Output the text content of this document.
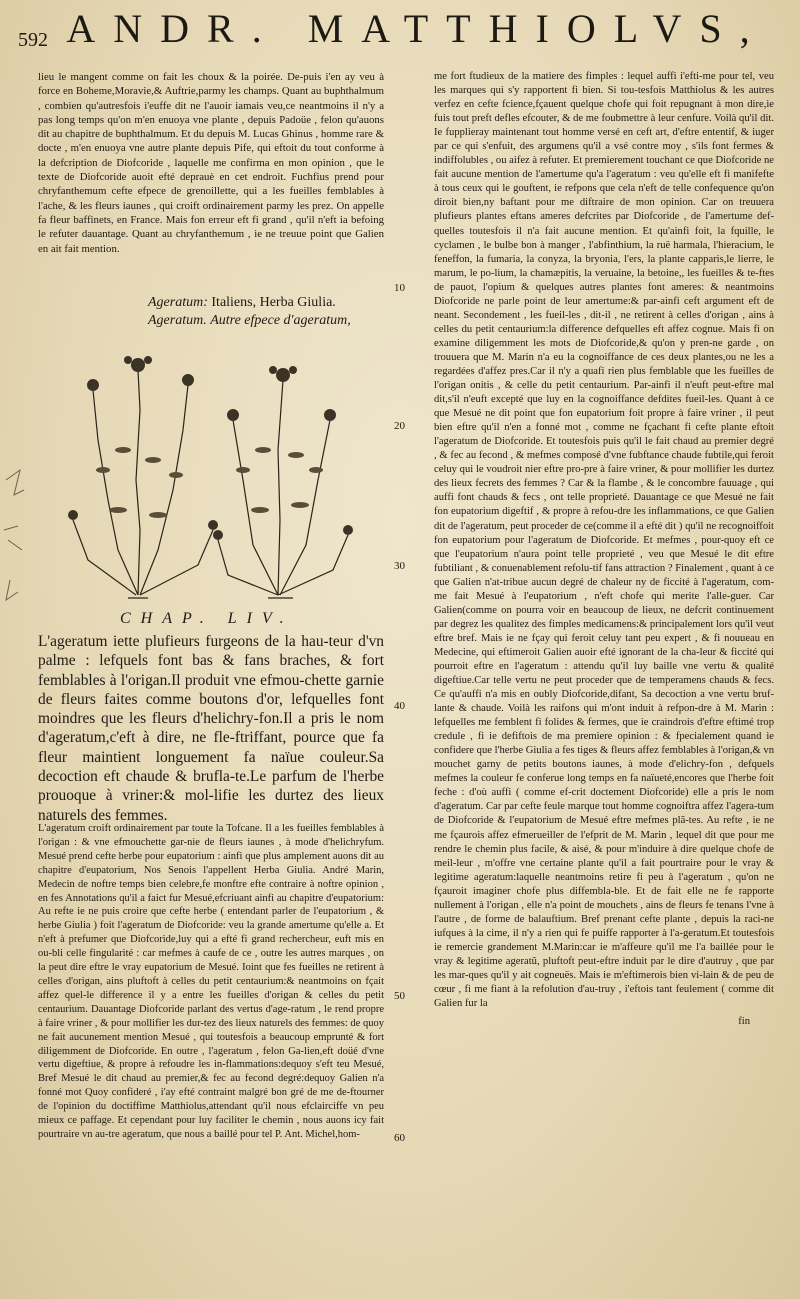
592 ANDR. MATTHIOLVS,

lieu le mangent comme on fait les choux & la poirée. De-puis i'en ay veu à force en Boheme,Moravie,& Auftrie,parmy les champs. Quant au buphthalmum , combien qu'autresfois i'euffe dit ne l'auoir iamais veu,ce neantmoins il n'y a pas long temps qu'on m'en enuoya vne plante , depuis Padoüe , felon qu'auons dit au chapitre de buphthalmum. Et du depuis M. Lucas Ghinus , homme rare & docte , m'en enuoya vne autre plante depuis Pife, qui eftoit du tout conforme à la defcription de Diofcoride , laquelle me confirma en mon opinion , que le texte de Diofcoride auoit efté deprauè en cet endroit. Fuchfius prend pour chryfanthemum cefte efpece de grenoillette, qui a les fueilles femblables à l'ache, & les fleurs iaunes , qui croift ordinairement parmy les prez. On appelle fa fleur baffinets, en France. Mais fon erreur eft fi grand , qu'il n'eft ia befoing le refuter dauantage. Quant au chryfanthemum , ie ne treuue point que Galien en ait fait mention.

Ageratum: Italiens, Herba Giulia.
Ageratum. Autre efpece d'ageratum,
CHAP. LIV.
L'ageratum iette plufieurs furgeons de la hau-teur d'vn palme : lefquels font bas & fans braches, & fort femblables à l'origan.Il produit vne efmou-chette garnie de fleurs faites comme boutons d'or, lefquelles font moindres que les fleurs d'helichry-fon.Il a pris le nom d'ageratum,c'eft à dire, ne fle-ftriffant, pource que fa fleur maintient longuement fa naïue couleur.Sa decoction eft chaude & brufla-te.Le parfum de l'herbe prouoque à vriner:& mol-lifie les durtez des lieux naturels des femmes.

L'ageratum croift ordinairement par toute la Tofcane. Il a les fueilles femblables à l'origan : & vne efmouchette gar-nie de fleurs iaunes , à mode d'helichryfum. Mesué prend cefte herbe pour eupatorium : ainfi que plus amplement auons dit au chapitre d'eupatorium, Nos Senois l'appellent Herba Giulia. André Marin, Medecin de noftre temps bien celebre,fe monftre efte contraire à noftre opinion , en fes Annotations qu'il a faict fur Mesué,efcriuant ainfi au chapitre d'eupatorium: Au refte ie ne puis croire que cefte herbe ( entendant parler de l'eupatorium , & herbe Giulia ) foit l'ageratum de Diofcoride: veu la grande amertume qu'elle a. Et n'eft à prefumer que Diofcoride,luy qui a efté fi grand rechercheur, euft mis en ou-bli celle fingularité : car mefmes à caufe de ce , outre les autres marques , on la peut dire eftre le vray eupatorium de Mesué. Ioint que fes fueilles ne retirent à celles d'origan, ains pluftoft à celles du petit centaurium:& neantmoins on fçait affez quel-le difference il y a entre les fueilles d'origan & celles du petit centaurium. Dauantage Diofcoride parlant des vertus d'age-ratum , le rend propre à faire vriner , & pour mollifier les dur-tez des lieux naturels des femmes: de quoy ne fait aucunement mention Mesué , qui toutesfois a beaucoup emprunté & fort diligemment de Diofcoride. En outre , l'ageratum , felon Ga-lien,eft doüé d'vne vertu digeftiue, & propre à refoudre les in-flammations:dequoy s'eft teu Mesué, Bref Mesué le dit chaud au premier,& fec au fecond degré:dequoy Galien n'a fonné mot Quoy confideré , i'ay efté contraint malgré bon gré de me de-ftourner de l'opinion du doctiffime Matthiolus,attendant qu'il nous efclairciffe vn peu mieux ce paffage. Et cependant pour luy faciliter le chemin , nous auons icy fait pourtraire vn au-tre ageratum, que nous a baillé pour tel P. Ant. Michel,hom-

me fort ftudieux de la matiere des fimples : lequel auffi i'efti-me pour tel, veu les marques qui s'y rapportent fi bien. Si tou-tesfois Matthiolus & les autres verfez en cefte fcience,fçauent quelque chofe qui foit repugnant à mon dire,ie fuis tout preft defles efcouter, & de me foubmettre à leur cenfure. Voilà qu'il dit. Ie fupplieray maintenant tout homme versé en ceft art, d'eftre ententif, & iuger par ce qui s'enfuit, des argumens qu'il a vsé contre moy , s'ils font fermes & indiffolubles , ou aifez à refuter. Et premierement touchant ce que Diofcoride ne fait aucune mention de l'amertume qu'a l'ageratum : veu qu'elle eft fi manifefte à tous ceux qui le gouftent, ie refpons que cela n'eft de telle confequence qu'on diroit bien,ny baftant pour me diftraire de mon opinion. Car on treuuera plufieurs plantes eftans ameres defcrites par Diofcoride , de l'amertume def-quelles toutesfois il n'a fait aucune mention. Et qu'ainfi foit, la fquille, le cyclamen , le bulbe bon à manger , l'abfinthium, la ruë harmala, l'hieracium, le feneffon, la fumaria, la conyza, la bryonia, l'ers, la plante capparis,le lierre, le marum, le po-lium, la chamæpitis, la veruaine, la betoine,, les fueilles & te-ftes de pauot, l'opium & quelques autres plantes font ameres: & neantmoins Diofcoride ne parle point de leur amertume:& par-ainfi ceft argument eft de neant. Secondement , les fueil-les , dit-il , ne retirent à celles d'origan , ains à celles du petit centaurium:la difference defquelles eft affez cognue. Mais fi on examine diligemment les mots de Diofcoride,& qu'on y pren-ne garde , on trouuera que M. Marin n'a eu la cognoiffance de ces deux plantes,ou ne les a regardées d'affez pres.Car il n'y a quafi rien plus femblable que les fueilles de l'origan onitis , & celle du petit centaurium. Par-ainfi il n'euft peut-eftre mal dit,s'il n'euft excepté que luy en la cognoiffance defdites fueil-les. Quant à ce que Mesué ne dit point que fon eupatorium foit propre à faire vriner , il peut bien eftre qu'il n'en a fonné mot , comme ne fçachant fi cefte plante eftoit l'ageratum de Diofcoride. Et toutesfois puis qu'il le fait chaud au premier degré , & fec au fecond , & mefmes composé d'vne fubftance chaude fubtile,qui feroit celuy qui le voudroit nier eftre pro-pre à faire vriner, & pour mollifier les durtez des lieux fecrets des femmes ? Car & la flambe , & le concombre fauuage , qui auffi font chauds & fecs , ont telle proprieté. Dauantage ce que Mesué ne fait fon eupatorium digeftif , & propre à refou-dre les inflammations, ce que Galien dit de l'ageratum, peut proceder de ce(comme il a efté dit ) qu'il ne recognoiffoit fon eupatorium pour l'ageratum de Diofcoride. Et mefmes , pour-quoy eft ce que l'eupatorium n'aura point telle proprieté , veu que Mesué le dit eftre fubtiliant , & conuenablement refolu-tif fans attraction ? Finalement , quant à ce que Galien n'at-tribue aucun degré de chaleur ny de ficcité à l'ageratum, com-me fait Mesué à l'eupatorium , n'eft chofe qui merite l'alle-guer. Car Galien(comme on pourra voir en beaucoup de lieux, ne defcrit continuement par degrez les qualitez des fimples medicamens:& principalement lors qu'il veut eftre bref. Mais ie ne fçay qui feroit celuy tant peu expert , & fi nouueau en Medecine, qui eftimeroit Galien auoir efté ignorant de la cha-leur & ficcité qui pourroit eftre en l'ageratum : attendu qu'il luy baille vne vertu & qualité digeftiue.Car telle vertu ne peut proceder que de temperamens chauds & fecs. Ce qu'auffi n'a mis en oubly Diofcoride,difant, Sa decoction a vne vertu bruf-lante & chaude. Voilà les raifons qui m'ont induit à refpon-dre à M. Marin : lefquelles me femblent fi folides & fermes, que ie craindrois d'eftre eftimé trop credule , fi ie defiftois de ma premiere opinion : & fpecialement quand ie confidere que l'herbe Giulia a fes tiges & fleurs affez femblables à l'origan,& vn mouchet garny de petits boutons iaunes, à mode d'elichry-fon , defquels mefmes la couleur fe conferue long temps en fa naïueté,encores que l'herbe foit feche : d'où auffi ( comme ef-crit doctement Diofcoride) elle a pris le nom d'ageratum. Car par cefte feule marque tout homme cognoiftra affez l'agera-tum de Diofcoride & l'eupatorium de Mesué eftre mefmes plã-tes. Au refte , ie ne me fçaurois affez efmerueiller de l'efprit de M. Marin , lequel dit que pour me rendre le chemin plus facile, & aisé, & pour m'induire à dire quelque chofe de meil-leur , m'offre vne certaine plante qu'il a fait pourtraire pour le vray & legitime ageratum:laquelle neantmoins retire fi peu à l'ageratum , qu'on ne fçauroit imaginer chofe plus diffembla-ble. Et de fait elle ne fe rapporte nullement à l'origan , elle n'a point de mouchets , ains de fleurs fe tenans l'vne à l'autre , de forme de balauftium. Bref prenant cefte plante , depuis la raci-ne iufques à la cime, il n'y a rien qui fe puiffe rapporter à l'a-geratum.Et toutesfois ie remercie grandement M.Marin:car ie m'affeure qu'il me l'a baillée pour le vray & legitime ageratũ, pluftoft peut-eftre induit par le dire d'autruy , que par les mar-ques qu'il y ait cogneuës. Mais ie m'eftimerois bien vi-lain & de peu de cœur , fi me fiant à la refolution d'au-truy , i'eftois tant feulement ( comme dit Galien fur la

fin
10
20
30
40
50
60
